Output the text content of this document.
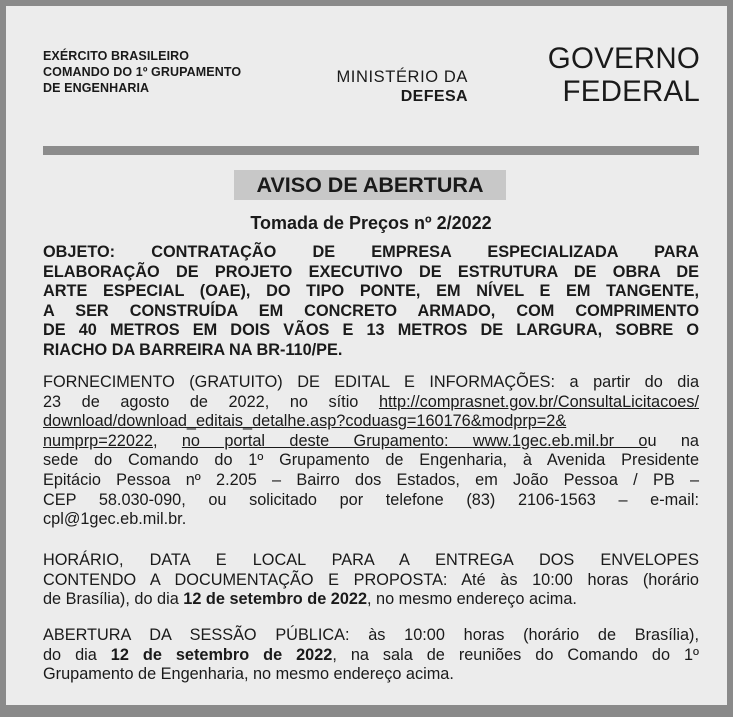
EXÉRCITO BRASILEIRO
COMANDO DO 1º GRUPAMENTO
DE ENGENHARIA
MINISTÉRIO DA
DEFESA
GOVERNO
FEDERAL
AVISO DE ABERTURA
Tomada de Preços nº 2/2022
OBJETO: CONTRATAÇÃO DE EMPRESA ESPECIALIZADA PARA
ELABORAÇÃO DE PROJETO EXECUTIVO DE ESTRUTURA DE OBRA DE
ARTE ESPECIAL (OAE), DO TIPO PONTE, EM NÍVEL E EM TANGENTE,
A SER CONSTRUÍDA EM CONCRETO ARMADO, COM COMPRIMENTO
DE 40 METROS EM DOIS VÃOS E 13 METROS DE LARGURA, SOBRE O
RIACHO DA BARREIRA NA BR-110/PE.
FORNECIMENTO (GRATUITO) DE EDITAL E INFORMAÇÕES: a partir do dia
23 de agosto de 2022, no sítio http://comprasnet.gov.br/ConsultaLicitacoes/
download/download_editais_detalhe.asp?coduasg=160176&modprp=2&
numprp=22022, no portal deste Grupamento: www.1gec.eb.mil.br ou na
sede do Comando do 1º Grupamento de Engenharia, à Avenida Presidente
Epitácio Pessoa nº 2.205 – Bairro dos Estados, em João Pessoa / PB –
CEP 58.030-090, ou solicitado por telefone (83) 2106-1563 – e-mail:
cpl@1gec.eb.mil.br.
HORÁRIO, DATA E LOCAL PARA A ENTREGA DOS ENVELOPES
CONTENDO A DOCUMENTAÇÃO E PROPOSTA: Até às 10:00 horas (horário
de Brasília), do dia 12 de setembro de 2022, no mesmo endereço acima.
ABERTURA DA SESSÃO PÚBLICA: às 10:00 horas (horário de Brasília),
do dia 12 de setembro de 2022, na sala de reuniões do Comando do 1º
Grupamento de Engenharia, no mesmo endereço acima.
